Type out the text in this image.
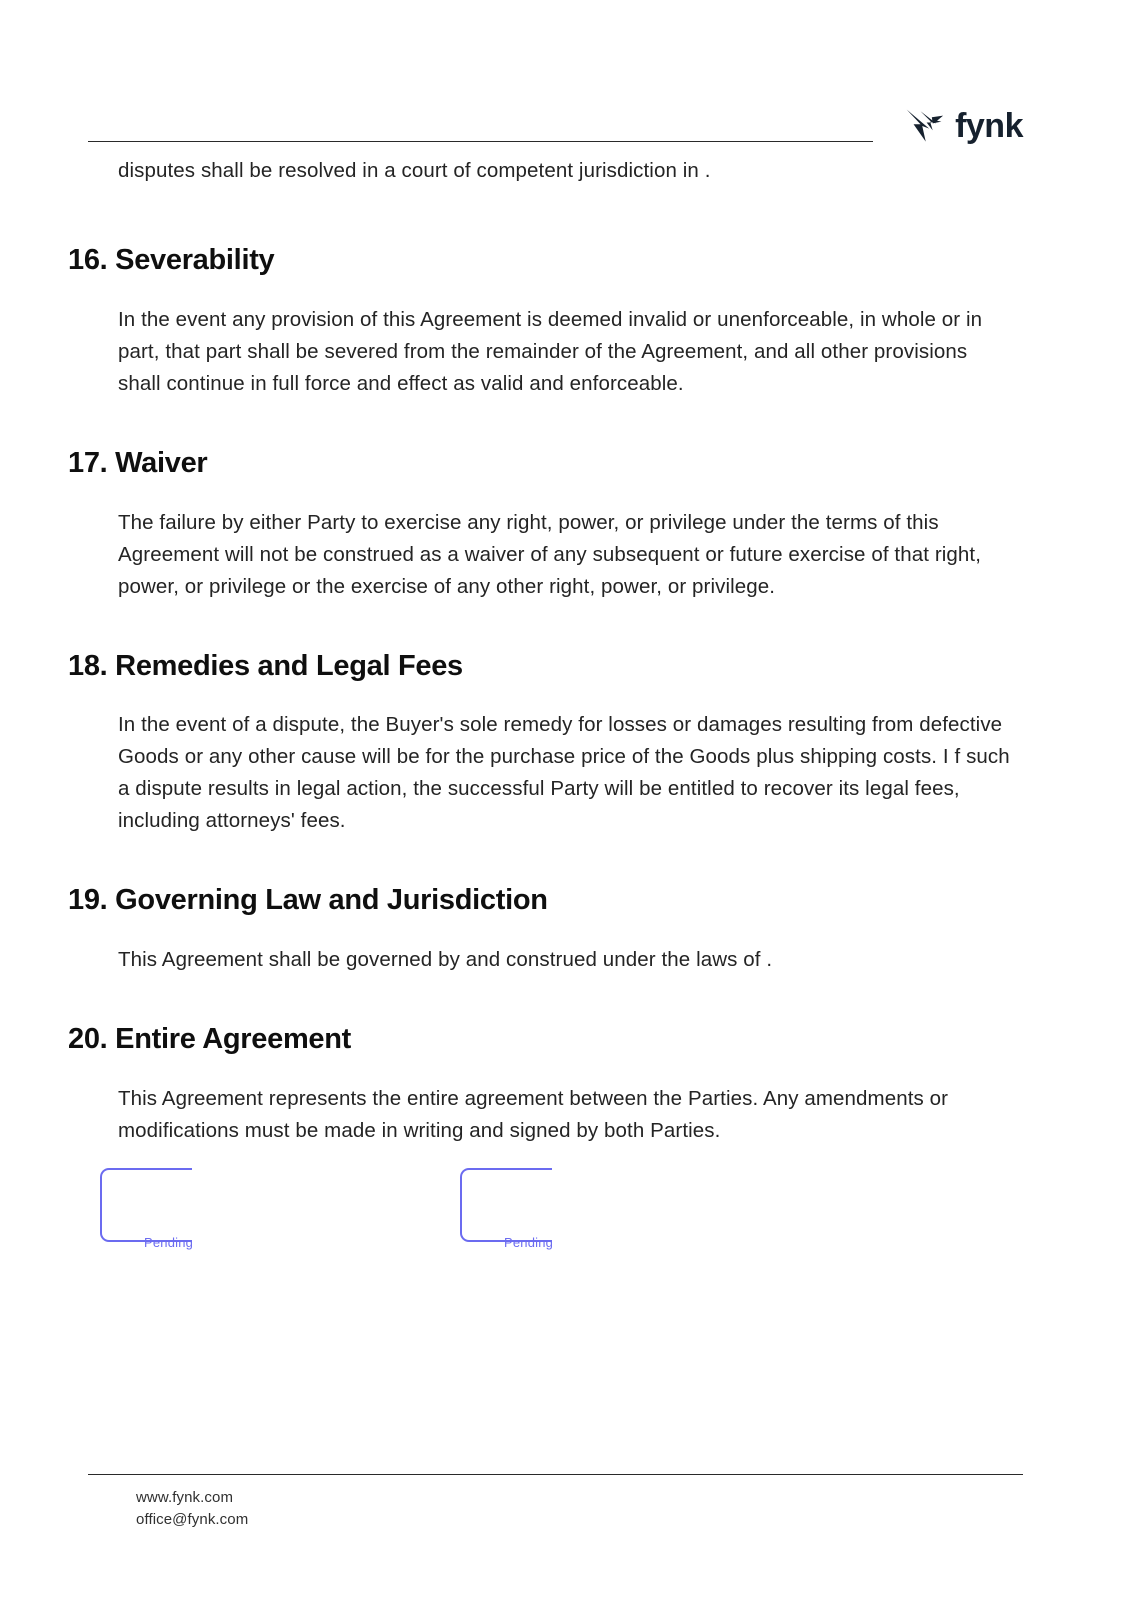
fynk

disputes shall be resolved in a court of competent jurisdiction in .

16. Severability

In the event any provision of this Agreement is deemed invalid or unenforceable, in whole or in part, that part shall be severed from the remainder of the Agreement, and all other provisions shall continue in full force and effect as valid and enforceable.

17. Waiver

The failure by either Party to exercise any right, power, or privilege under the terms of this Agreement will not be construed as a waiver of any subsequent or future exercise of that right, power, or privilege or the exercise of any other right, power, or privilege.

18. Remedies and Legal Fees

In the event of a dispute, the Buyer's sole remedy for losses or damages resulting from defective Goods or any other cause will be for the purchase price of the Goods plus shipping costs. I f such a dispute results in legal action, the successful Party will be entitled to recover its legal fees, including attorneys' fees.

19. Governing Law and Jurisdiction

This Agreement shall be governed by and construed under the laws of .

20. Entire Agreement

This Agreement represents the entire agreement between the Parties. Any amendments or modifications must be made in writing and signed by both Parties.

Pending	Pending
www.fynk.com
office@fynk.com
